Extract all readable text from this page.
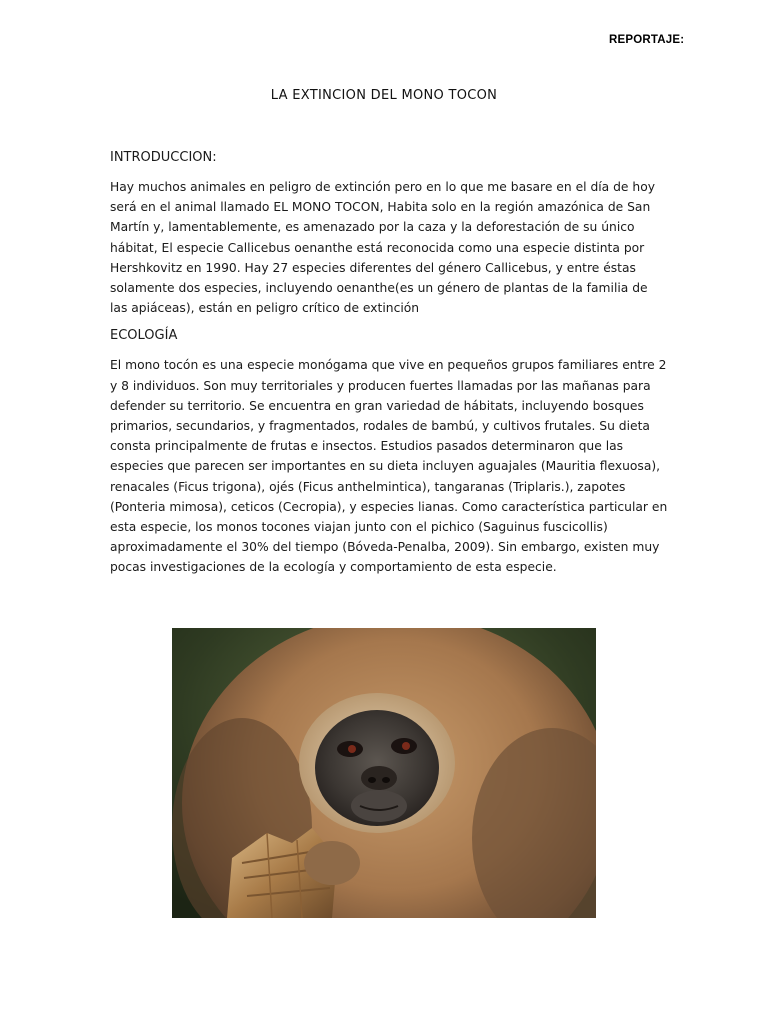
REPORTAJE:
LA EXTINCION DEL MONO TOCON

INTRODUCCION:

Hay muchos animales en peligro de extinción pero en lo que me basare en el día de hoy será en el animal llamado EL MONO TOCON, Habita solo en la región amazónica de San Martín y, lamentablemente, es amenazado por la caza y la deforestación de su único hábitat, El especie Callicebus oenanthe está reconocida como una especie distinta por Hershkovitz en 1990. Hay 27 especies diferentes del género Callicebus, y entre éstas solamente dos especies, incluyendo oenanthe(es un género de plantas de la familia de las apiáceas), están en peligro crítico de extinción

ECOLOGÍA

El mono tocón es una especie monógama que vive en pequeños grupos familiares entre 2 y 8 individuos. Son muy territoriales y producen fuertes llamadas por las mañanas para defender su territorio. Se encuentra en gran variedad de hábitats, incluyendo bosques primarios, secundarios, y fragmentados, rodales de bambú, y cultivos frutales. Su dieta consta principalmente de frutas e insectos. Estudios pasados determinaron que las especies que parecen ser importantes en su dieta incluyen aguajales (Mauritia flexuosa), renacales (Ficus trigona), ojés (Ficus anthelmintica), tangaranas (Triplaris.), zapotes (Ponteria mimosa), ceticos (Cecropia), y especies lianas. Como característica particular en esta especie, los monos tocones viajan junto con el pichico (Saguinus fuscicollis) aproximadamente el 30% del tiempo (Bóveda-Penalba, 2009). Sin embargo, existen muy pocas investigaciones de la ecología y comportamiento de esta especie.
